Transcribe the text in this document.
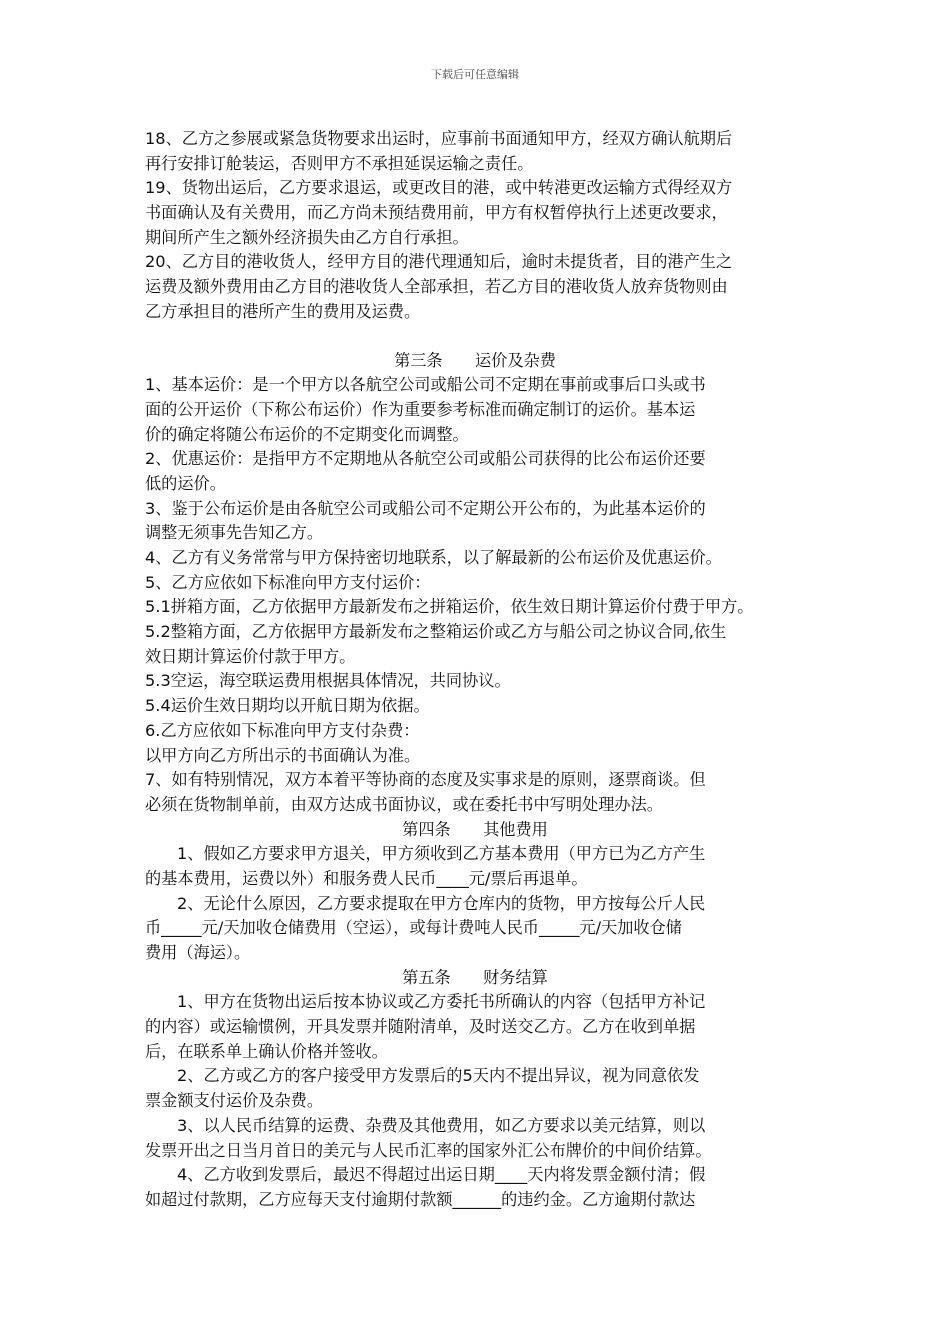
下载后可任意编辑
18、乙方之参展或紧急货物要求出运时，应事前书面通知甲方，经双方确认航期后
再行安排订舱装运，否则甲方不承担延误运输之责任。
19、货物出运后，乙方要求退运，或更改目的港，或中转港更改运输方式得经双方
书面确认及有关费用，而乙方尚未预结费用前，甲方有权暂停执行上述更改要求，
期间所产生之额外经济损失由乙方自行承担。
20、乙方目的港收货人，经甲方目的港代理通知后，逾时未提货者，目的港产生之
运费及额外费用由乙方目的港收货人全部承担，若乙方目的港收货人放弃货物则由
乙方承担目的港所产生的费用及运费。
第三条　　运价及杂费
1、基本运价：是一个甲方以各航空公司或船公司不定期在事前或事后口头或书
面的公开运价（下称公布运价）作为重要参考标准而确定制订的运价。基本运
价的确定将随公布运价的不定期变化而调整。
2、优惠运价：是指甲方不定期地从各航空公司或船公司获得的比公布运价还要
低的运价。
3、鉴于公布运价是由各航空公司或船公司不定期公开公布的，为此基本运价的
调整无须事先告知乙方。
4、乙方有义务常常与甲方保持密切地联系，以了解最新的公布运价及优惠运价。
5、乙方应依如下标准向甲方支付运价：
5.1拼箱方面，乙方依据甲方最新发布之拼箱运价，依生效日期计算运价付费于甲方。
5.2整箱方面，乙方依据甲方最新发布之整箱运价或乙方与船公司之协议合同,依生
效日期计算运价付款于甲方。
5.3空运，海空联运费用根据具体情况，共同协议。
5.4运价生效日期均以开航日期为依据。
6.乙方应依如下标准向甲方支付杂费：
以甲方向乙方所出示的书面确认为准。
7、如有特别情况，双方本着平等协商的态度及实事求是的原则，逐票商谈。但
必须在货物制单前，由双方达成书面协议，或在委托书中写明处理办法。
第四条　　其他费用
1、假如乙方要求甲方退关，甲方须收到乙方基本费用（甲方已为乙方产生
的基本费用，运费以外）和服务费人民币____元/票后再退单。
2、无论什么原因，乙方要求提取在甲方仓库内的货物，甲方按每公斤人民
币_____元/天加收仓储费用（空运），或每计费吨人民币_____元/天加收仓储
费用（海运）。
第五条　　财务结算
1、甲方在货物出运后按本协议或乙方委托书所确认的内容（包括甲方补记
的内容）或运输惯例，开具发票并随附清单，及时送交乙方。乙方在收到单据
后，在联系单上确认价格并签收。
2、乙方或乙方的客户接受甲方发票后的5天内不提出异议，视为同意依发
票金额支付运价及杂费。
3、以人民币结算的运费、杂费及其他费用，如乙方要求以美元结算，则以
发票开出之日当月首日的美元与人民币汇率的国家外汇公布牌价的中间价结算。
4、乙方收到发票后，最迟不得超过出运日期____天内将发票金额付清；假
如超过付款期，乙方应每天支付逾期付款额______的违约金。乙方逾期付款达
